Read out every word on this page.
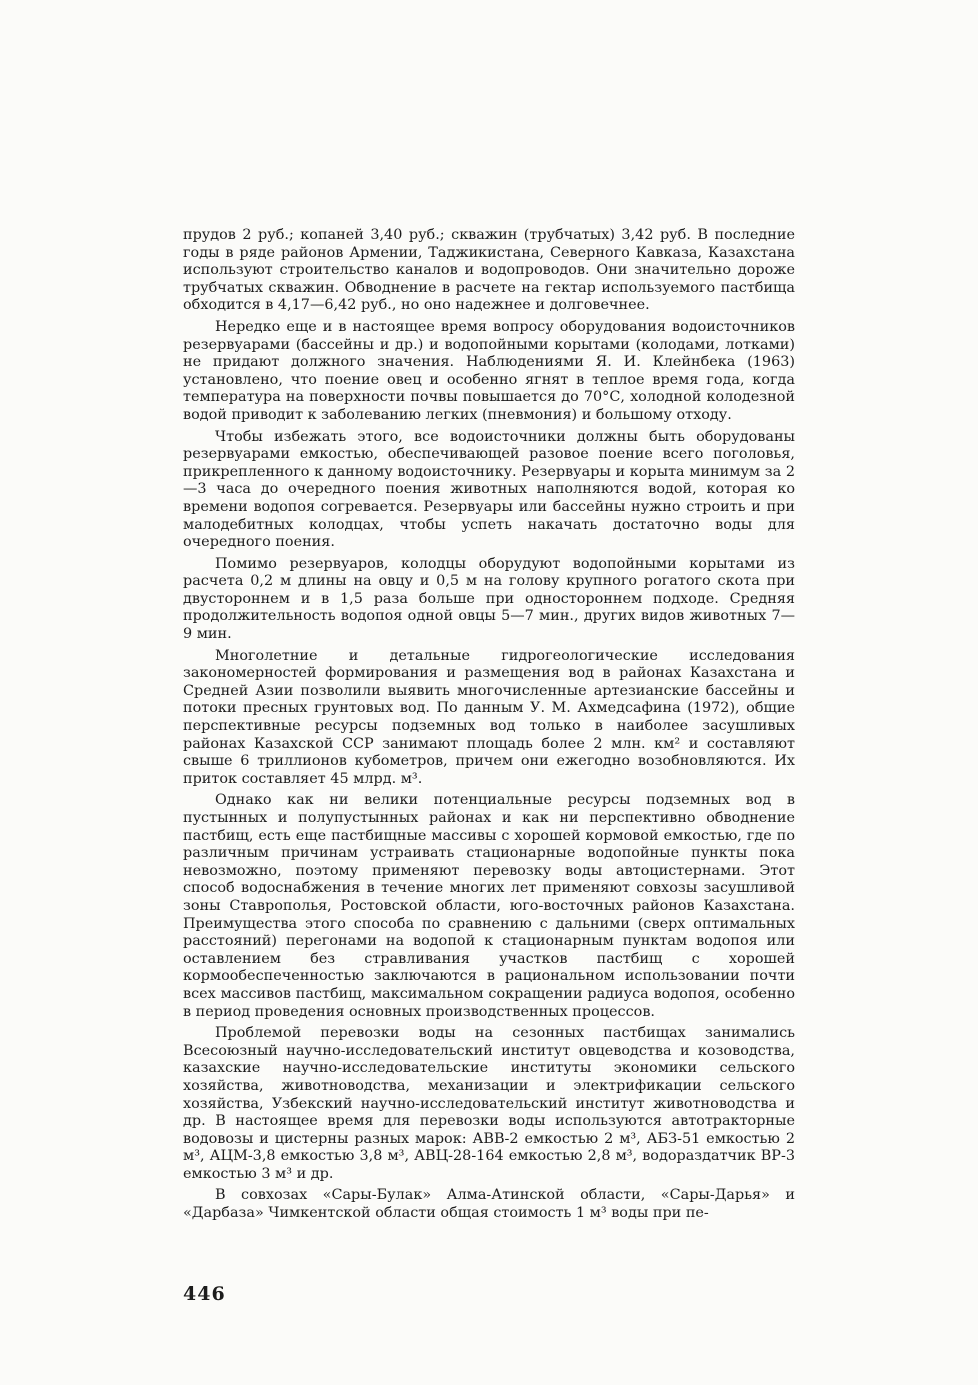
прудов 2 руб.; копаней 3,40 руб.; скважин (трубчатых) 3,42 руб. В последние годы в ряде районов Армении, Таджикистана, Северного Кавказа, Казахстана используют строительство каналов и водопроводов. Они значительно дороже трубчатых скважин. Обводнение в расчете на гектар используемого пастбища обходится в 4,17—6,42 руб., но оно надежнее и долговечнее.

Нередко еще и в настоящее время вопросу оборудования водоисточников резервуарами (бассейны и др.) и водопойными корытами (колодами, лотками) не придают должного значения. Наблюдениями Я. И. Клейнбека (1963) установлено, что поение овец и особенно ягнят в теплое время года, когда температура на поверхности почвы повышается до 70°С, холодной колодезной водой приводит к заболеванию легких (пневмония) и большому отходу.

Чтобы избежать этого, все водоисточники должны быть оборудованы резервуарами емкостью, обеспечивающей разовое поение всего поголовья, прикрепленного к данному водоисточнику. Резервуары и корыта минимум за 2—3 часа до очередного поения животных наполняются водой, которая ко времени водопоя согревается. Резервуары или бассейны нужно строить и при малодебитных колодцах, чтобы успеть накачать достаточно воды для очередного поения.

Помимо резервуаров, колодцы оборудуют водопойными корытами из расчета 0,2 м длины на овцу и 0,5 м на голову крупного рогатого скота при двустороннем и в 1,5 раза больше при одностороннем подходе. Средняя продолжительность водопоя одной овцы 5—7 мин., других видов животных 7—9 мин.

Многолетние и детальные гидрогеологические исследования закономерностей формирования и размещения вод в районах Казахстана и Средней Азии позволили выявить многочисленные артезианские бассейны и потоки пресных грунтовых вод. По данным У. М. Ахмедсафина (1972), общие перспективные ресурсы подземных вод только в наиболее засушливых районах Казахской ССР занимают площадь более 2 млн. км² и составляют свыше 6 триллионов кубометров, причем они ежегодно возобновляются. Их приток составляет 45 млрд. м³.

Однако как ни велики потенциальные ресурсы подземных вод в пустынных и полупустынных районах и как ни перспективно обводнение пастбищ, есть еще пастбищные массивы с хорошей кормовой емкостью, где по различным причинам устраивать стационарные водопойные пункты пока невозможно, поэтому применяют перевозку воды автоцистернами. Этот способ водоснабжения в течение многих лет применяют совхозы засушливой зоны Ставрополья, Ростовской области, юго-восточных районов Казахстана. Преимущества этого способа по сравнению с дальними (сверх оптимальных расстояний) перегонами на водопой к стационарным пунктам водопоя или оставлением без стравливания участков пастбищ с хорошей кормообеспеченностью заключаются в рациональном использовании почти всех массивов пастбищ, максимальном сокращении радиуса водопоя, особенно в период проведения основных производственных процессов.

Проблемой перевозки воды на сезонных пастбищах занимались Всесоюзный научно-исследовательский институт овцеводства и козоводства, казахские научно-исследовательские институты экономики сельского хозяйства, животноводства, механизации и электрификации сельского хозяйства, Узбекский научно-исследовательский институт животноводства и др. В настоящее время для перевозки воды используются автотракторные водовозы и цистерны разных марок: АВВ-2 емкостью 2 м³, АБЗ-51 емкостью 2 м³, АЦМ-3,8 емкостью 3,8 м³, АВЦ-28-164 емкостью 2,8 м³, водораздатчик ВР-3 емкостью 3 м³ и др.

В совхозах «Сары-Булак» Алма-Атинской области, «Сары-Дарья» и «Дарбаза» Чимкентской области общая стоимость 1 м³ воды при пе-

446
